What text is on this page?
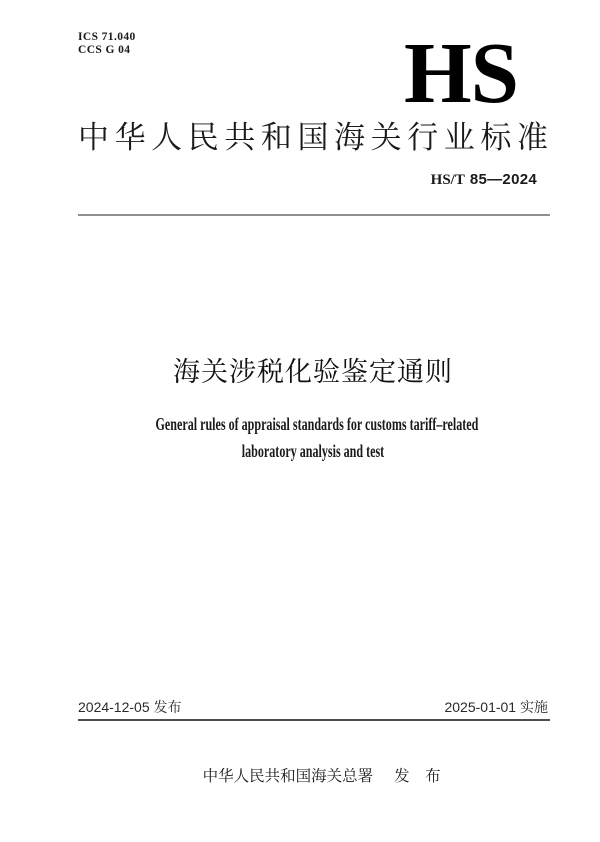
ICS 71.040
CCS G 04	HS
中 华 人 民 共 和 国 海 关 行 业 标 准
HS/T 85—2024
海关涉税化验鉴定通则
General rules of appraisal standards for customs tariff–related
laboratory analysis and test
2024-12-05 发布	2025-01-01 实施

中华人民共和国海关总署 发　布
